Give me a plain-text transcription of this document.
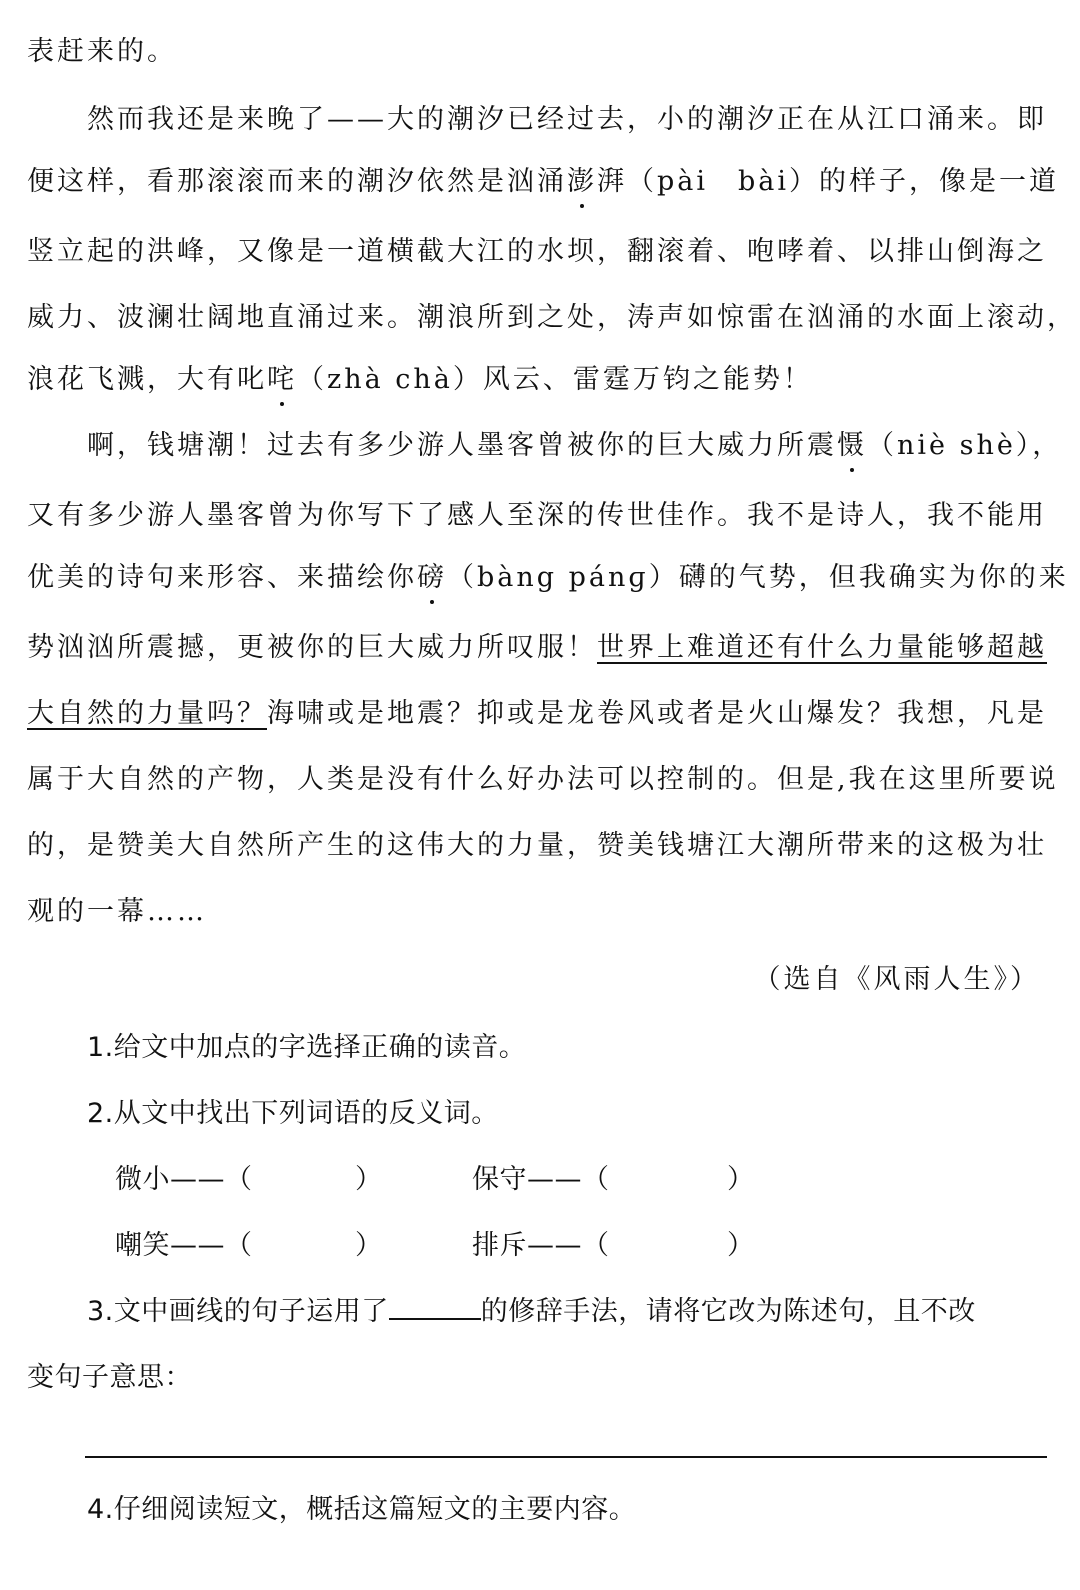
表赶来的。
然而我还是来晚了——大的潮汐已经过去，小的潮汐正在从江口涌来。即
便这样，看那滚滚而来的潮汐依然是汹涌澎湃（pài　bài）的样子，像是一道
竖立起的洪峰，又像是一道横截大江的水坝，翻滚着、咆哮着、以排山倒海之
威力、波澜壮阔地直涌过来。潮浪所到之处，涛声如惊雷在汹涌的水面上滚动，
浪花飞溅，大有叱咤（zhà chà）风云、雷霆万钧之能势！
啊，钱塘潮！过去有多少游人墨客曾被你的巨大威力所震慑（niè shè），
又有多少游人墨客曾为你写下了感人至深的传世佳作。我不是诗人，我不能用
优美的诗句来形容、来描绘你磅（bàng pánɡ）礴的气势，但我确实为你的来
势汹汹所震撼，更被你的巨大威力所叹服！世界上难道还有什么力量能够超越
大自然的力量吗？海啸或是地震？抑或是龙卷风或者是火山爆发？我想，凡是
属于大自然的产物，人类是没有什么好办法可以控制的。但是,我在这里所要说
的，是赞美大自然所产生的这伟大的力量，赞美钱塘江大潮所带来的这极为壮
观的一幕……
（选自《风雨人生》）
1.给文中加点的字选择正确的读音。
2.从文中找出下列词语的反义词。
微小——（	）	保守——（	）
嘲笑——（	）	排斥——（	）
3.文中画线的句子运用了	的修辞手法，请将它改为陈述句，且不改
变句子意思：
4.仔细阅读短文，概括这篇短文的主要内容。
